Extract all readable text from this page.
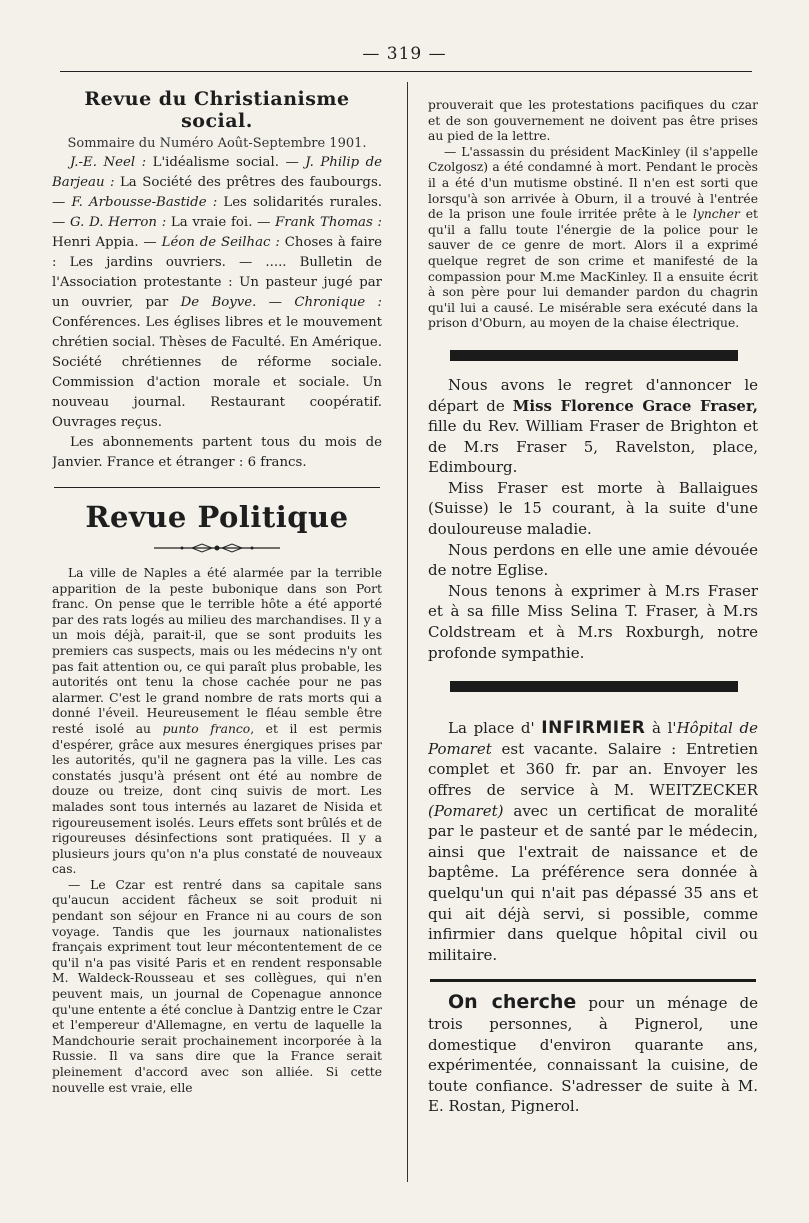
— 319 —
Revue du Christianisme social.
Sommaire du Numéro Août-Septembre 1901.

J.-E. Neel : L'idéalisme social. — J. Philip de Barjeau : La Société des prêtres des faubourgs. — F. Arbousse-Bastide : Les solidarités rurales. — G. D. Herron : La vraie foi. — Frank Thomas : Henri Appia. — Léon de Seilhac : Choses à faire : Les jardins ouvriers. — ..... Bulletin de l'Association protestante : Un pasteur jugé par un ouvrier, par De Boyve. — Chronique : Conférences. Les églises libres et le mouvement chrétien social. Thèses de Faculté. En Amérique. Société chrétiennes de réforme sociale. Commission d'action morale et sociale. Un nouveau journal. Restaurant coopératif. Ouvrages reçus.

Les abonnements partent tous du mois de Janvier. France et étranger : 6 francs.

Revue Politique

La ville de Naples a été alarmée par la terrible apparition de la peste bubonique dans son Port franc. On pense que le terrible hôte a été apporté par des rats logés au milieu des marchandises. Il y a un mois déjà, parait-il, que se sont produits les premiers cas suspects, mais ou les médecins n'y ont pas fait attention ou, ce qui paraît plus probable, les autorités ont tenu la chose cachée pour ne pas alarmer. C'est le grand nombre de rats morts qui a donné l'éveil. Heureusement le fléau semble être resté isolé au punto franco, et il est permis d'espérer, grâce aux mesures énergiques prises par les autorités, qu'il ne gagnera pas la ville. Les cas constatés jusqu'à présent ont été au nombre de douze ou treize, dont cinq suivis de mort. Les malades sont tous internés au lazaret de Nisida et rigoureusement isolés. Leurs effets sont brûlés et de rigoureuses désinfections sont pratiquées. Il y a plusieurs jours qu'on n'a plus constaté de nouveaux cas.

— Le Czar est rentré dans sa capitale sans qu'aucun accident fâcheux se soit produit ni pendant son séjour en France ni au cours de son voyage. Tandis que les journaux nationalistes français expriment tout leur mécontentement de ce qu'il n'a pas visité Paris et en rendent responsable M. Waldeck-Rousseau et ses collègues, qui n'en peuvent mais, un journal de Copenague annonce qu'une entente a été conclue à Dantzig entre le Czar et l'empereur d'Allemagne, en vertu de laquelle la Mandchourie serait prochainement incorporée à la Russie. Il va sans dire que la France serait pleinement d'accord avec son alliée. Si cette nouvelle est vraie, elle

prouverait que les protestations pacifiques du czar et de son gouvernement ne doivent pas être prises au pied de la lettre.

— L'assassin du président MacKinley (il s'appelle Czolgosz) a été condamné à mort. Pendant le procès il a été d'un mutisme obstiné. Il n'en est sorti que lorsqu'à son arrivée à Oburn, il a trouvé à l'entrée de la prison une foule irritée prête à le lyncher et qu'il a fallu toute l'énergie de la police pour le sauver de ce genre de mort. Alors il a exprimé quelque regret de son crime et manifesté de la compassion pour M.me MacKinley. Il a ensuite écrit à son père pour lui demander pardon du chagrin qu'il lui a causé. Le misérable sera exécuté dans la prison d'Oburn, au moyen de la chaise électrique.

Nous avons le regret d'annoncer le départ de Miss Florence Grace Fraser, fille du Rev. William Fraser de Brighton et de M.rs Fraser 5, Ravelston, place, Edimbourg.

Miss Fraser est morte à Ballaigues (Suisse) le 15 courant, à la suite d'une douloureuse maladie.

Nous perdons en elle une amie dévouée de notre Eglise.

Nous tenons à exprimer à M.rs Fraser et à sa fille Miss Selina T. Fraser, à M.rs Coldstream et à M.rs Roxburgh, notre profonde sympathie.

La place d' INFIRMIER à l'Hôpital de Pomaret est vacante. Salaire : Entretien complet et 360 fr. par an. Envoyer les offres de service à M. WEITZECKER (Pomaret) avec un certificat de moralité par le pasteur et de santé par le médecin, ainsi que l'extrait de naissance et de baptême. La préférence sera donnée à quelqu'un qui n'ait pas dépassé 35 ans et qui ait déjà servi, si possible, comme infirmier dans quelque hôpital civil ou militaire.

On cherche pour un ménage de trois personnes, à Pignerol, une domestique d'environ quarante ans, expérimentée, connaissant la cuisine, de toute confiance. S'adresser de suite à M. E. Rostan, Pignerol.
